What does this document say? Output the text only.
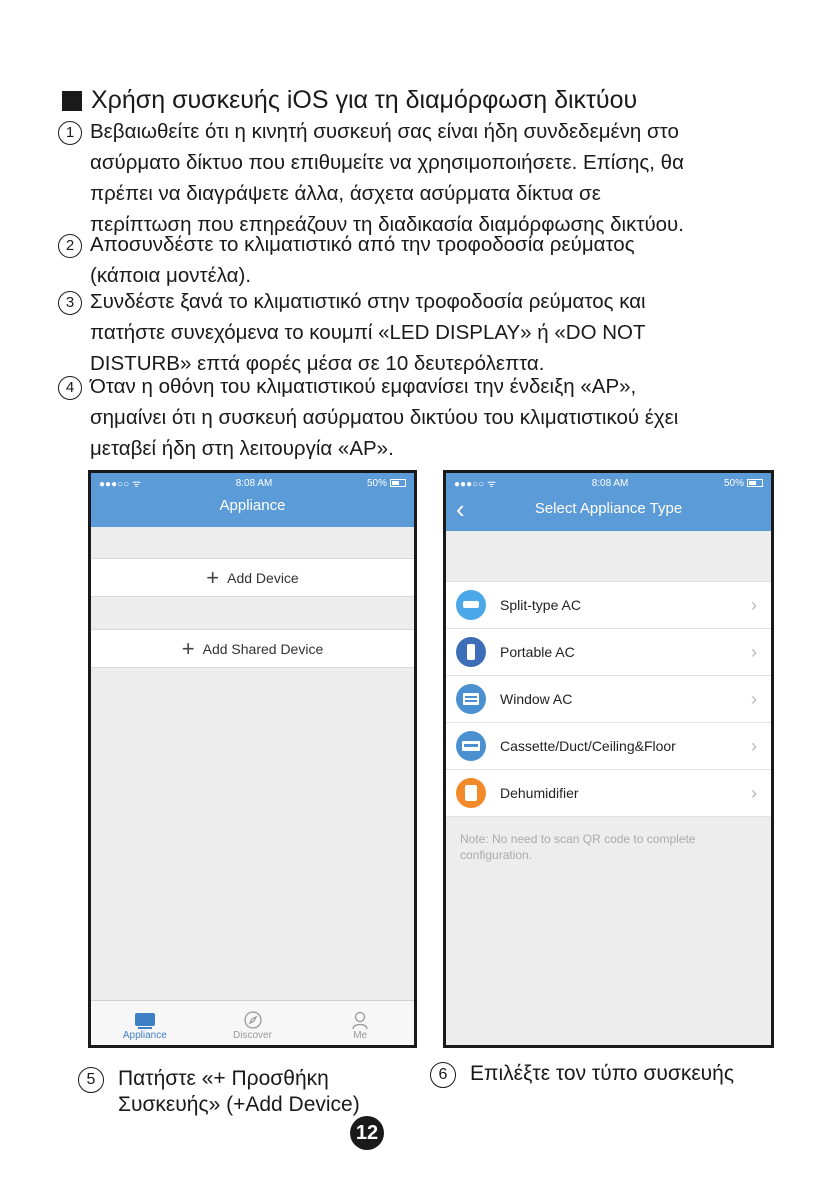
Χρήση συσκευής iOS για τη διαμόρφωση δικτύου
1 Βεβαιωθείτε ότι η κινητή συσκευή σας είναι ήδη συνδεδεμένη στο
ασύρματο δίκτυο που επιθυμείτε να χρησιμοποιήσετε. Επίσης, θα
πρέπει να διαγράψετε άλλα, άσχετα ασύρματα δίκτυα σε
περίπτωση που επηρεάζουν τη διαδικασία διαμόρφωσης δικτύου.
2 Αποσυνδέστε το κλιματιστικό από την τροφοδοσία ρεύματος
(κάποια μοντέλα).
3 Συνδέστε ξανά το κλιματιστικό στην τροφοδοσία ρεύματος και
πατήστε συνεχόμενα το κουμπί «LED DISPLAY» ή «DO NOT
DISTURB» επτά φορές μέσα σε 10 δευτερόλεπτα.
4 Όταν η οθόνη του κλιματιστικού εμφανίσει την ένδειξη «AP»,
σημαίνει ότι η συσκευή ασύρματου δικτύου του κλιματιστικού έχει
μεταβεί ήδη στη λειτουργία «AP».
●●●○○ ᯤ	8:08 AM	50%
Appliance
+ Add Device
+ Add Shared Device
Appliance	Discover	Me
●●●○○ ᯤ	8:08 AM	50%
‹	Select Appliance Type
Split-type AC	›
Portable AC	›
Window AC	›
Cassette/Duct/Ceiling&Floor	›
Dehumidifier	›
Note: No need to scan QR code to complete configuration.
5	Πατήστε «+ Προσθήκη
Συσκευής» (+Add Device)
6	Επιλέξτε τον τύπο συσκευής
12
